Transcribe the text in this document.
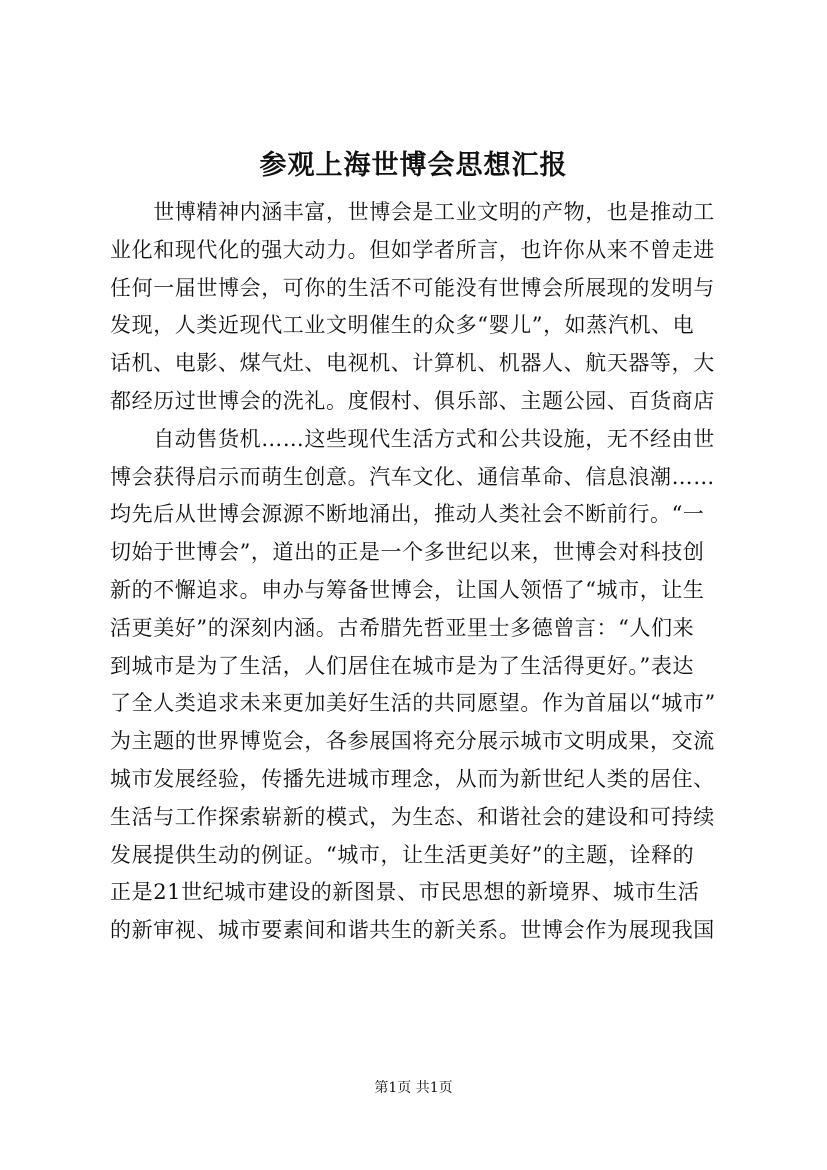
参观上海世博会思想汇报
　　世博精神内涵丰富，世博会是工业文明的产物，也是推动工
业化和现代化的强大动力。但如学者所言，也许你从来不曾走进
任何一届世博会，可你的生活不可能没有世博会所展现的发明与
发现，人类近现代工业文明催生的众多“婴儿”，如蒸汽机、电
话机、电影、煤气灶、电视机、计算机、机器人、航天器等，大
都经历过世博会的洗礼。度假村、俱乐部、主题公园、百货商店
　　自动售货机……这些现代生活方式和公共设施，无不经由世
博会获得启示而萌生创意。汽车文化、通信革命、信息浪潮……
均先后从世博会源源不断地涌出，推动人类社会不断前行。“一
切始于世博会”，道出的正是一个多世纪以来，世博会对科技创
新的不懈追求。申办与筹备世博会，让国人领悟了“城市，让生
活更美好”的深刻内涵。古希腊先哲亚里士多德曾言：“人们来
到城市是为了生活，人们居住在城市是为了生活得更好。”表达
了全人类追求未来更加美好生活的共同愿望。作为首届以“城市”
为主题的世界博览会，各参展国将充分展示城市文明成果，交流
城市发展经验，传播先进城市理念，从而为新世纪人类的居住、
生活与工作探索崭新的模式，为生态、和谐社会的建设和可持续
发展提供生动的例证。“城市，让生活更美好”的主题，诠释的
正是21世纪城市建设的新图景、市民思想的新境界、城市生活
的新审视、城市要素间和谐共生的新关系。世博会作为展现我国
第1页 共1页
